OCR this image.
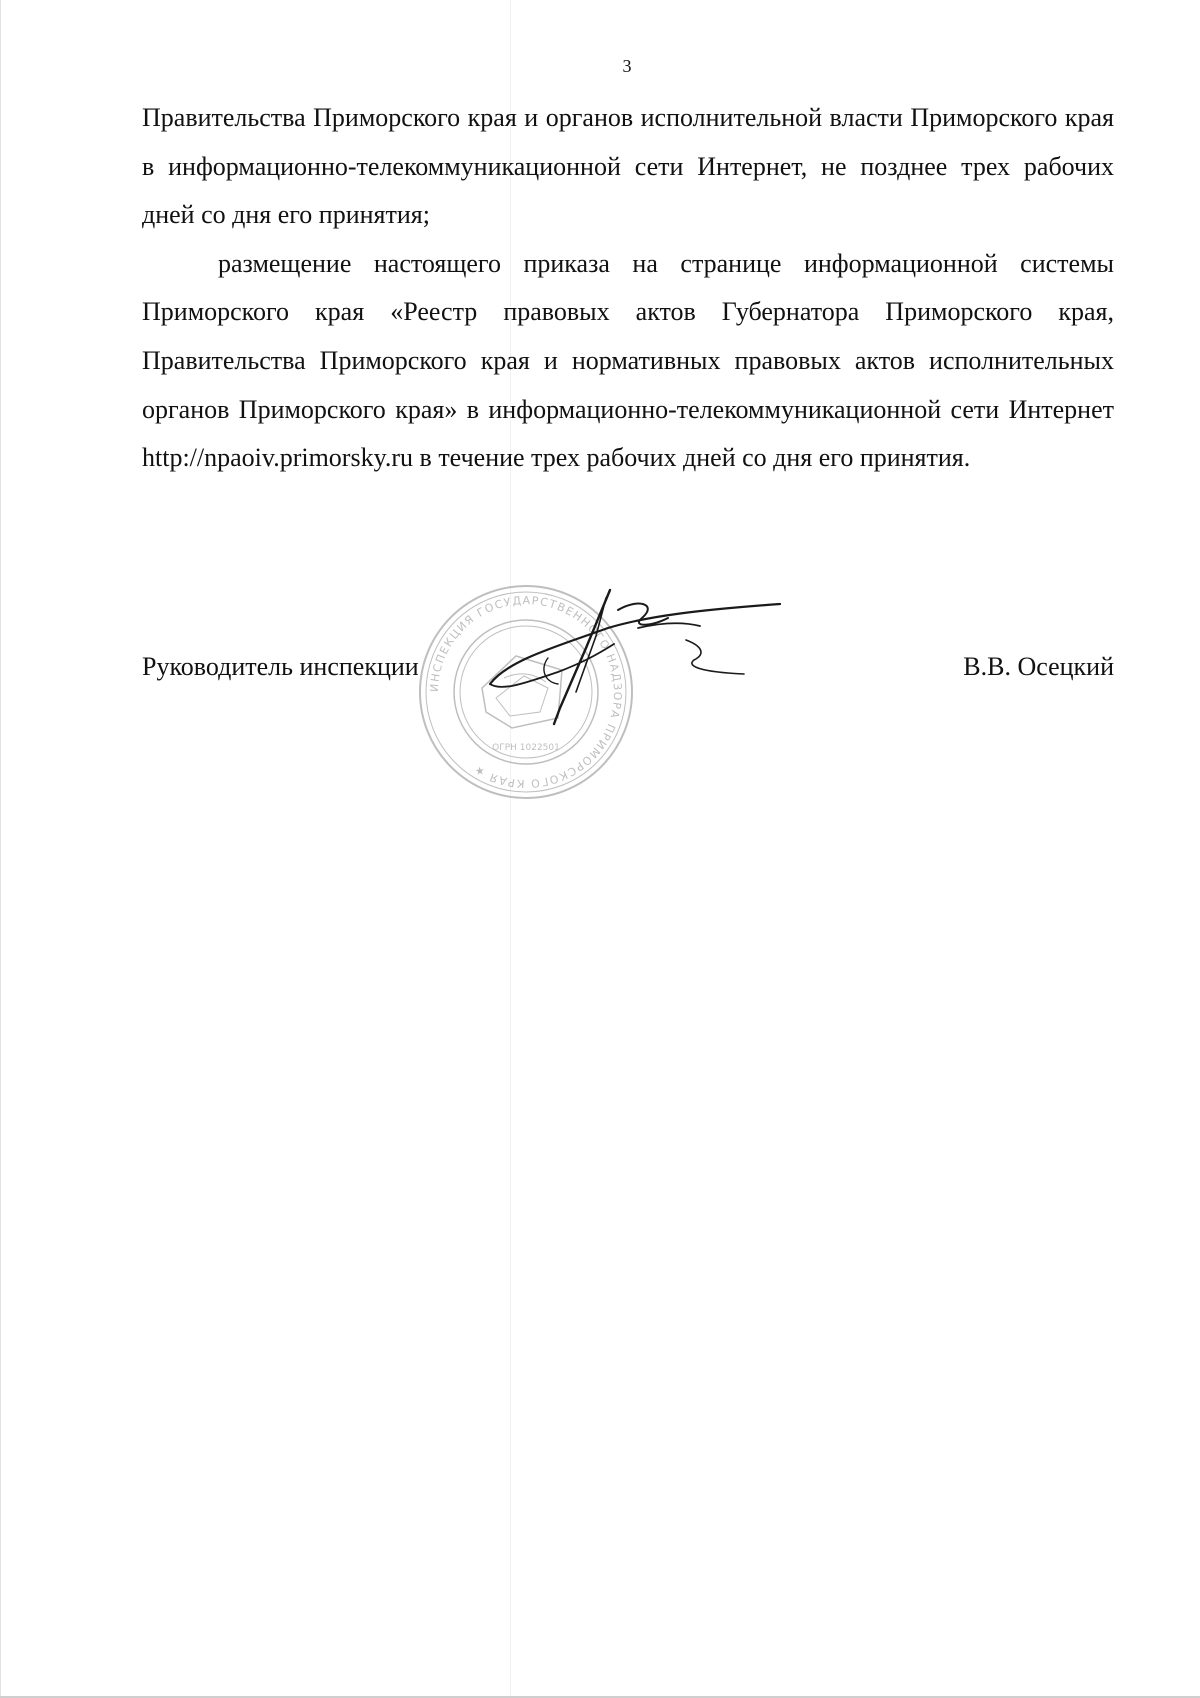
3

Правительства Приморского края и органов исполнительной власти Приморского края в информационно-телекоммуникационной сети Интернет, не позднее трех рабочих дней со дня его принятия;

размещение настоящего приказа на странице информационной системы Приморского края «Реестр правовых актов Губернатора Приморского края, Правительства Приморского края и нормативных правовых актов исполнительных органов Приморского края» в информационно-телекоммуникационной сети Интернет http://npaoiv.primorsky.ru в течение трех рабочих дней со дня его принятия.

ИНСПЕКЦИЯ ГОСУДАРСТВЕННОГО НАДЗОРА ПРИМОРСКОГО КРАЯ ★
ОГРН 1022501
Руководитель инспекции	В.В. Осецкий
